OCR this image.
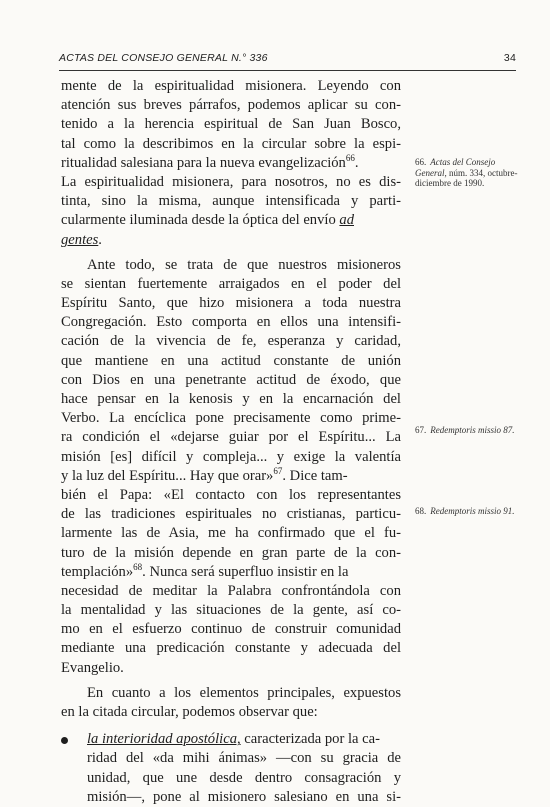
ACTAS DEL CONSEJO GENERAL N.° 336	34
mente de la espiritualidad misionera. Leyendo con
atención sus breves párrafos, podemos aplicar su con-
tenido a la herencia espiritual de San Juan Bosco,
tal como la describimos en la circular sobre la espi-
ritualidad salesiana para la nueva evangelización$^{66}$.
La espiritualidad misionera, para nosotros, no es dis-
tinta, sino la misma, aunque intensificada y parti-
cularmente iluminada desde la óptica del envío ad
gentes.
Ante todo, se trata de que nuestros misioneros
se sientan fuertemente arraigados en el poder del
Espíritu Santo, que hizo misionera a toda nuestra
Congregación. Esto comporta en ellos una intensifi-
cación de la vivencia de fe, esperanza y caridad,
que mantiene en una actitud constante de unión
con Dios en una penetrante actitud de éxodo, que
hace pensar en la kenosis y en la encarnación del
Verbo. La encíclica pone precisamente como prime-
ra condición el «dejarse guiar por el Espíritu... La
misión [es] difícil y compleja... y exige la valentía
y la luz del Espíritu... Hay que orar»$^{67}$. Dice tam-
bién el Papa: «El contacto con los representantes
de las tradiciones espirituales no cristianas, particu-
larmente las de Asia, me ha confirmado que el fu-
turo de la misión depende en gran parte de la con-
templación»$^{68}$. Nunca será superfluo insistir en la
necesidad de meditar la Palabra confrontándola con
la mentalidad y las situaciones de la gente, así co-
mo en el esfuerzo continuo de construir comunidad
mediante una predicación constante y adecuada del
Evangelio.
En cuanto a los elementos principales, expuestos
en la citada circular, podemos observar que:
la interioridad apostólica, caracterizada por la ca-
ridad del «da mihi ánimas» —con su gracia de
unidad, que une desde dentro consagración y
misión—, pone al misionero salesiano en una si-
66. Actas del Consejo General, núm. 334, octubre-diciembre de 1990.
67. Redemptoris missio 87.
68. Redemptoris missio 91.
